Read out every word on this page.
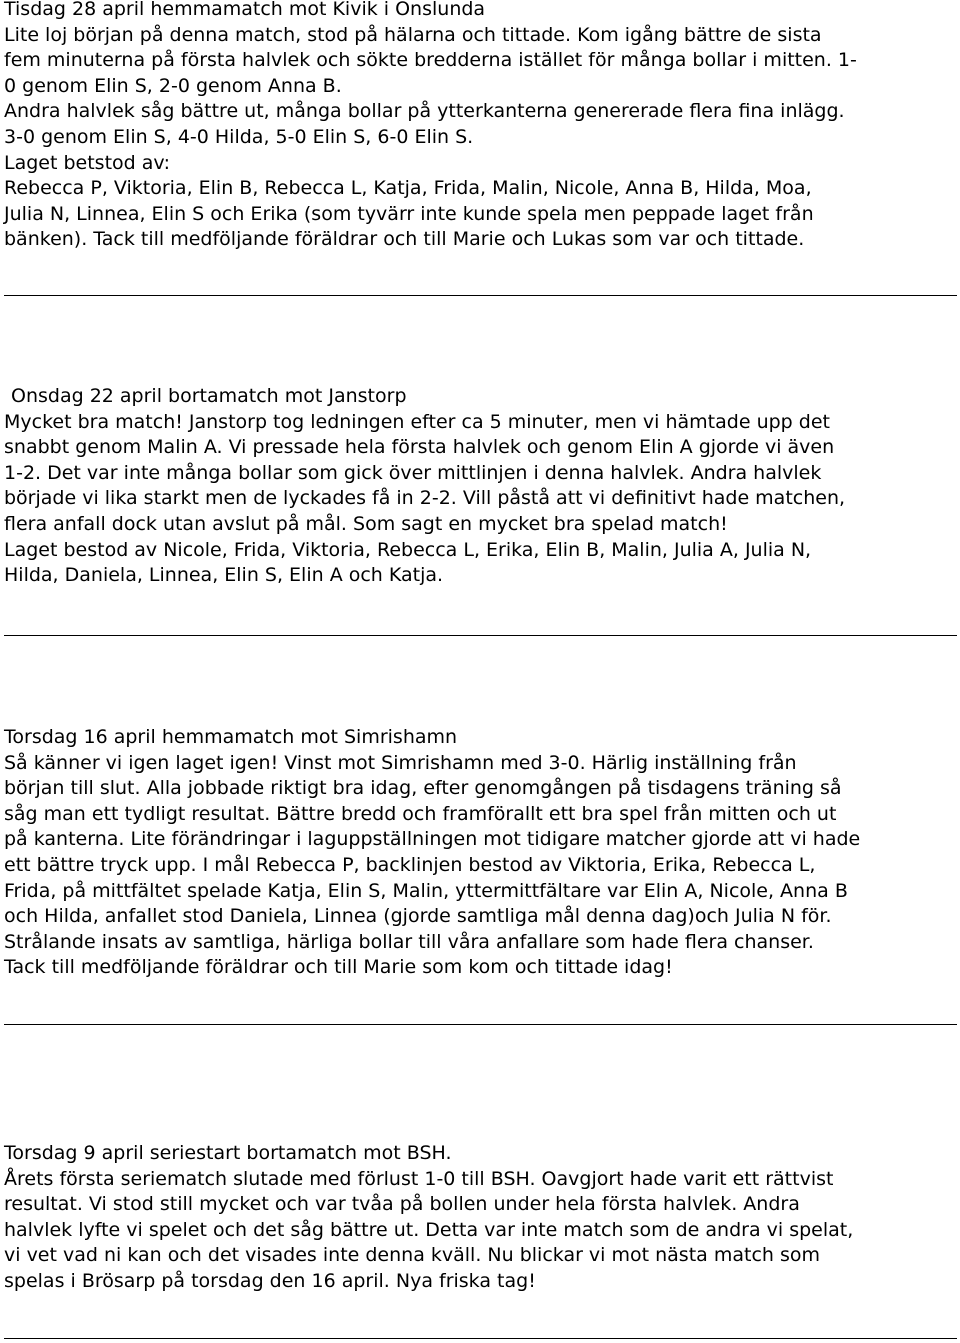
Tisdag 28 april hemmamatch mot Kivik i Onslunda
Lite loj början på denna match, stod på hälarna och tittade. Kom igång bättre de sista
fem minuterna på första halvlek och sökte bredderna istället för många bollar i mitten. 1-
0 genom Elin S, 2-0 genom Anna B.
Andra halvlek såg bättre ut, många bollar på ytterkanterna genererade flera fina inlägg.
3-0 genom Elin S, 4-0 Hilda, 5-0 Elin S, 6-0 Elin S.
Laget betstod av:
Rebecca P, Viktoria, Elin B, Rebecca L, Katja, Frida, Malin, Nicole, Anna B, Hilda, Moa,
Julia N, Linnea, Elin S och Erika (som tyvärr inte kunde spela men peppade laget från
bänken). Tack till medföljande föräldrar och till Marie och Lukas som var och tittade.
Onsdag 22 april bortamatch mot Janstorp
Mycket bra match! Janstorp tog ledningen efter ca 5 minuter, men vi hämtade upp det
snabbt genom Malin A. Vi pressade hela första halvlek och genom Elin A gjorde vi även
1-2. Det var inte många bollar som gick över mittlinjen i denna halvlek. Andra halvlek
började vi lika starkt men de lyckades få in 2-2. Vill påstå att vi definitivt hade matchen,
flera anfall dock utan avslut på mål. Som sagt en mycket bra spelad match!
Laget bestod av Nicole, Frida, Viktoria, Rebecca L, Erika, Elin B, Malin, Julia A, Julia N,
Hilda, Daniela, Linnea, Elin S, Elin A och Katja.
Torsdag 16 april hemmamatch mot Simrishamn
Så känner vi igen laget igen! Vinst mot Simrishamn med 3-0. Härlig inställning från
början till slut. Alla jobbade riktigt bra idag, efter genomgången på tisdagens träning så
såg man ett tydligt resultat. Bättre bredd och framförallt ett bra spel från mitten och ut
på kanterna. Lite förändringar i laguppställningen mot tidigare matcher gjorde att vi hade
ett bättre tryck upp. I mål Rebecca P, backlinjen bestod av Viktoria, Erika, Rebecca L,
Frida, på mittfältet spelade Katja, Elin S, Malin, yttermittfältare var Elin A, Nicole, Anna B
och Hilda, anfallet stod Daniela, Linnea (gjorde samtliga mål denna dag)och Julia N för.
Strålande insats av samtliga, härliga bollar till våra anfallare som hade flera chanser.
Tack till medföljande föräldrar och till Marie som kom och tittade idag!
Torsdag 9 april seriestart bortamatch mot BSH.
Årets första seriematch slutade med förlust 1-0 till BSH. Oavgjort hade varit ett rättvist
resultat. Vi stod still mycket och var tvåa på bollen under hela första halvlek. Andra
halvlek lyfte vi spelet och det såg bättre ut. Detta var inte match som de andra vi spelat,
vi vet vad ni kan och det visades inte denna kväll. Nu blickar vi mot nästa match som
spelas i Brösarp på torsdag den 16 april. Nya friska tag!
